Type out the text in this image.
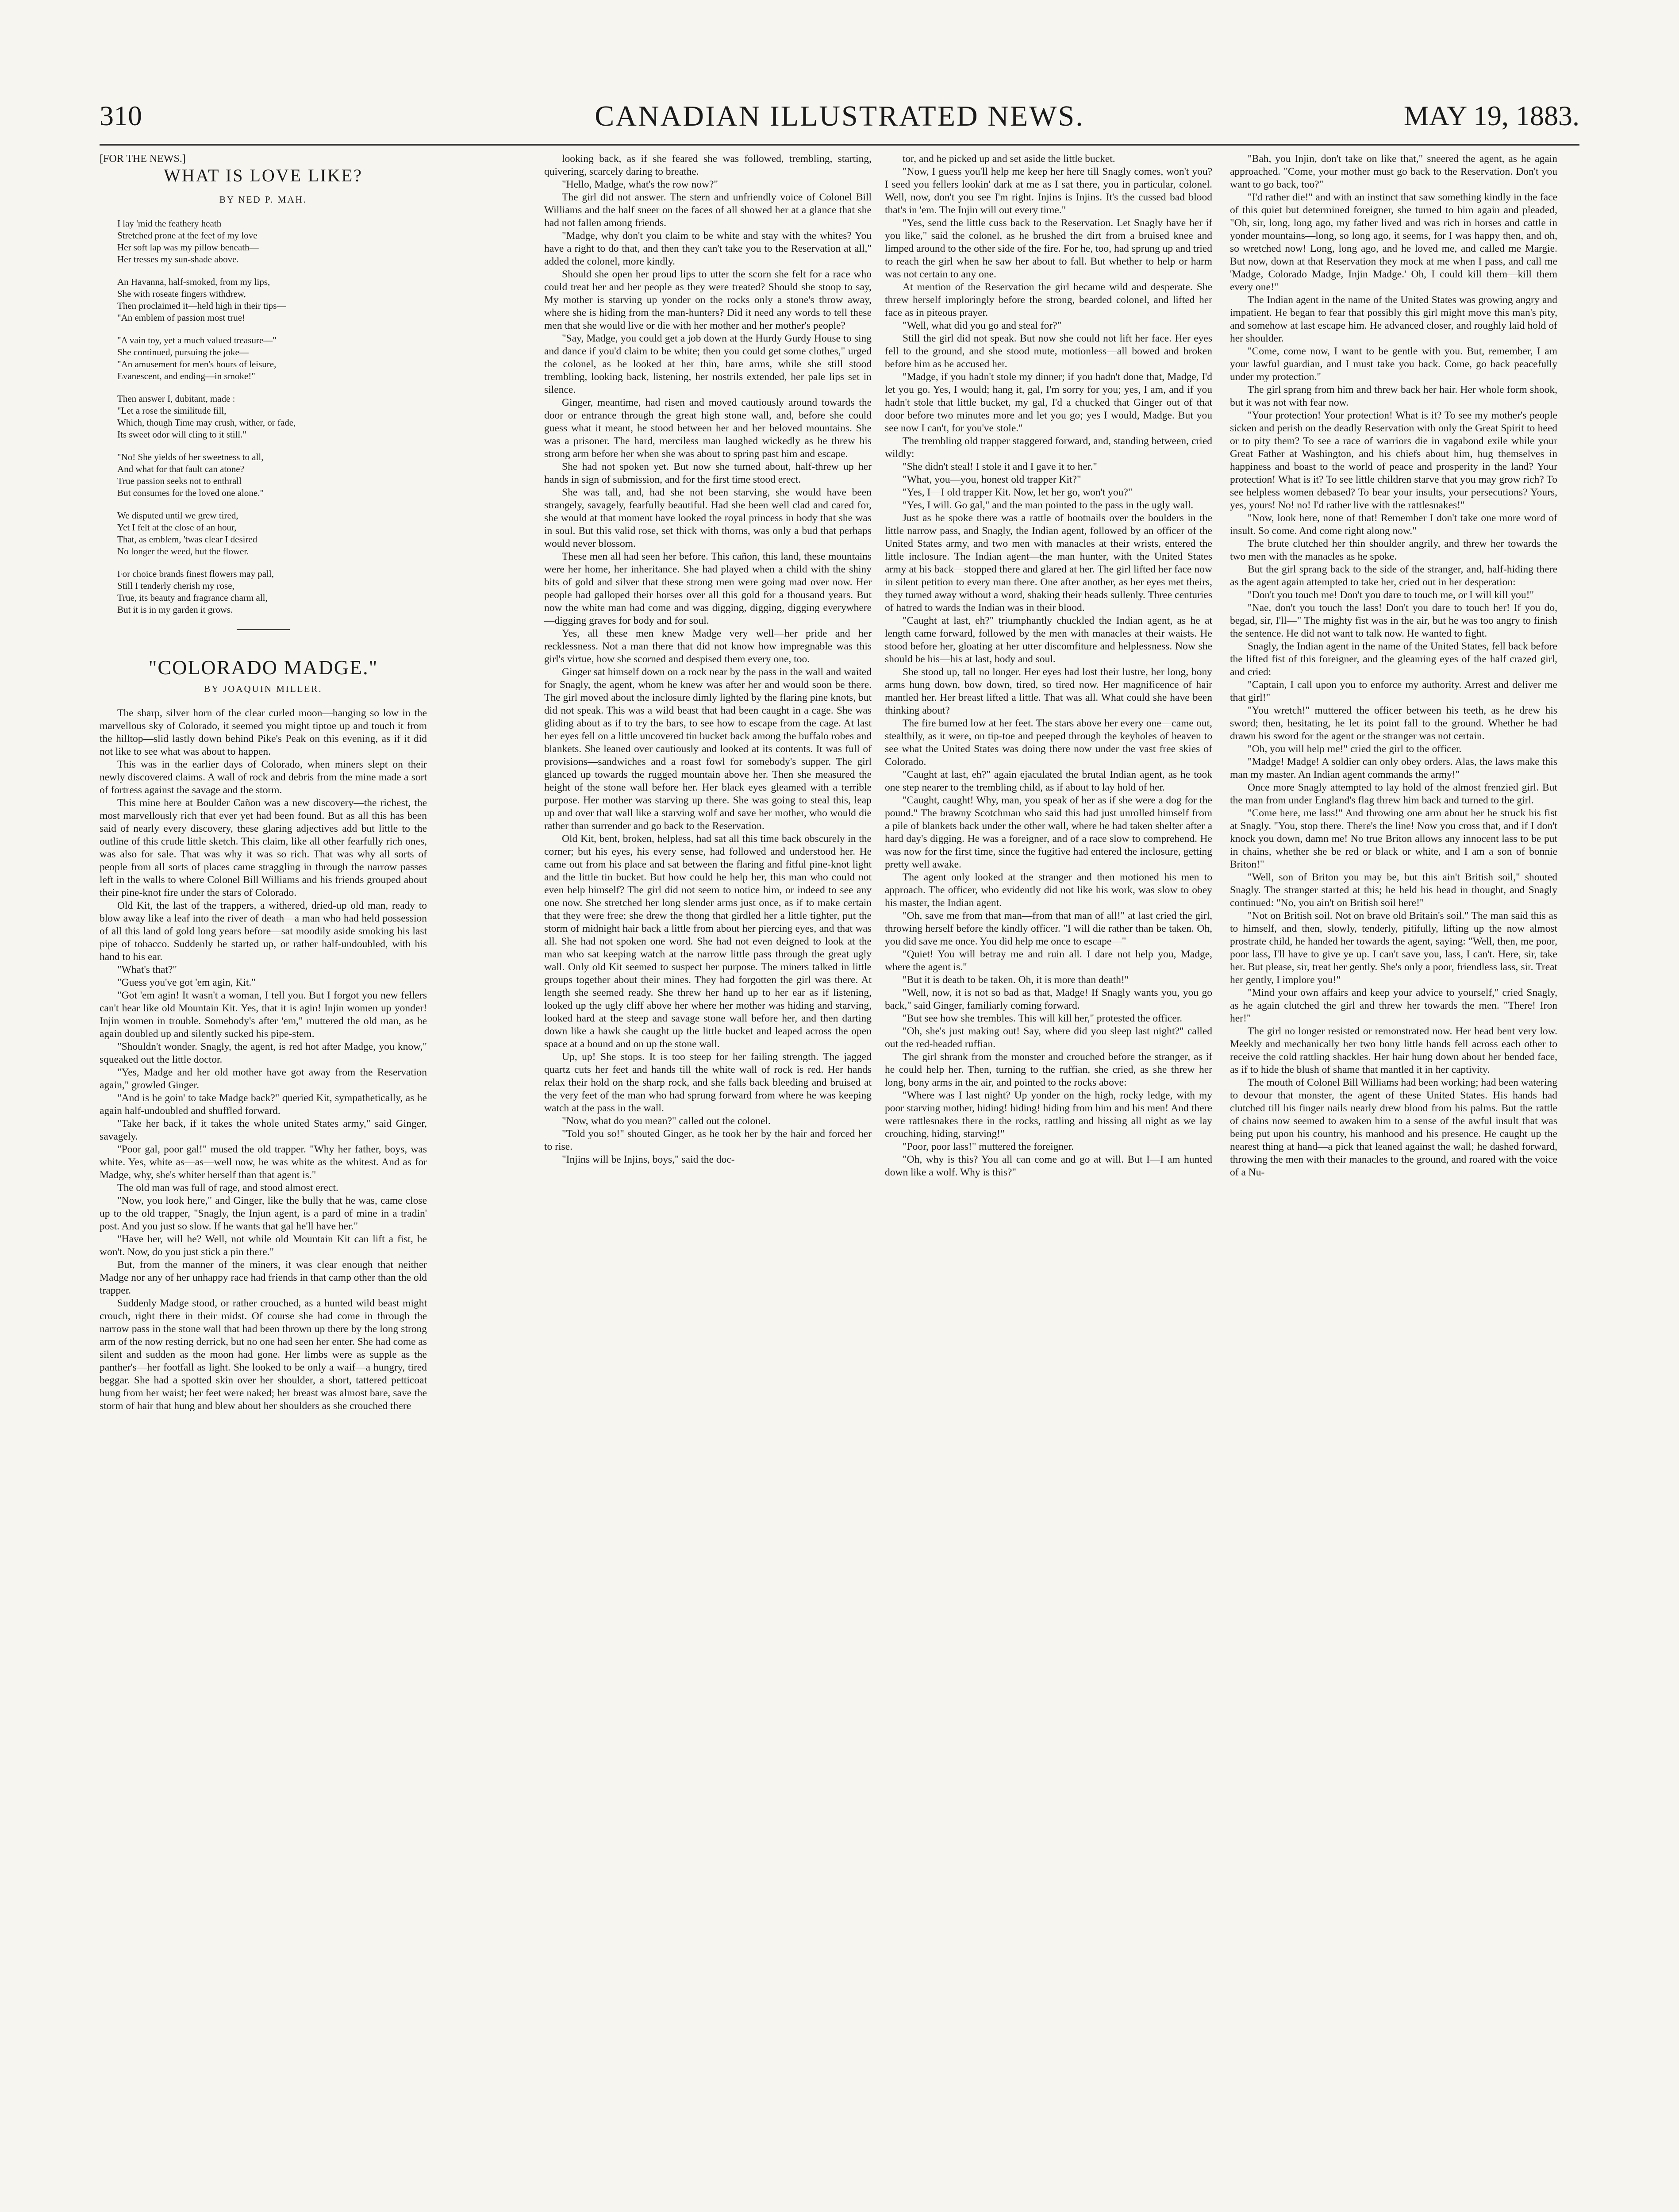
310	CANADIAN ILLUSTRATED NEWS.	MAY 19, 1883.
[FOR THE NEWS.]
WHAT IS LOVE LIKE?
BY NED P. MAH.
I lay 'mid the feathery heath
Stretched prone at the feet of my love
Her soft lap was my pillow beneath—
Her tresses my sun-shade above.
An Havanna, half-smoked, from my lips,
She with roseate fingers withdrew,
Then proclaimed it—held high in their tips—
"An emblem of passion most true!
"A vain toy, yet a much valued treasure—"
She continued, pursuing the joke—
"An amusement for men's hours of leisure,
Evanescent, and ending—in smoke!"
Then answer I, dubitant, made :
"Let a rose the similitude fill,
Which, though Time may crush, wither, or fade,
Its sweet odor will cling to it still."
"No! She yields of her sweetness to all,
And what for that fault can atone?
True passion seeks not to enthrall
But consumes for the loved one alone."
We disputed until we grew tired,
Yet I felt at the close of an hour,
That, as emblem, 'twas clear I desired
No longer the weed, but the flower.
For choice brands finest flowers may pall,
Still I tenderly cherish my rose,
True, its beauty and fragrance charm all,
But it is in my garden it grows.
"COLORADO MADGE."
BY JOAQUIN MILLER.

The sharp, silver horn of the clear curled moon—hanging so low in the marvellous sky of Colorado, it seemed you might tiptoe up and touch it from the hilltop—slid lastly down behind Pike's Peak on this evening, as if it did not like to see what was about to happen.

This was in the earlier days of Colorado, when miners slept on their newly discovered claims. A wall of rock and debris from the mine made a sort of fortress against the savage and the storm.

This mine here at Boulder Cañon was a new discovery—the richest, the most marvellously rich that ever yet had been found. But as all this has been said of nearly every discovery, these glaring adjectives add but little to the outline of this crude little sketch. This claim, like all other fearfully rich ones, was also for sale. That was why it was so rich. That was why all sorts of people from all sorts of places came straggling in through the narrow passes left in the walls to where Colonel Bill Williams and his friends grouped about their pine-knot fire under the stars of Colorado.

Old Kit, the last of the trappers, a withered, dried-up old man, ready to blow away like a leaf into the river of death—a man who had held possession of all this land of gold long years before—sat moodily aside smoking his last pipe of tobacco. Suddenly he started up, or rather half-undoubled, with his hand to his ear.

"What's that?"

"Guess you've got 'em agin, Kit."

"Got 'em agin! It wasn't a woman, I tell you. But I forgot you new fellers can't hear like old Mountain Kit. Yes, that it is agin! Injin women up yonder! Injin women in trouble. Somebody's after 'em," muttered the old man, as he again doubled up and silently sucked his pipe-stem.

"Shouldn't wonder. Snagly, the agent, is red hot after Madge, you know," squeaked out the little doctor.

"Yes, Madge and her old mother have got away from the Reservation again," growled Ginger.

"And is he goin' to take Madge back?" queried Kit, sympathetically, as he again half-undoubled and shuffled forward.

"Take her back, if it takes the whole united States army," said Ginger, savagely.

"Poor gal, poor gal!" mused the old trapper. "Why her father, boys, was white. Yes, white as—as—well now, he was white as the whitest. And as for Madge, why, she's whiter herself than that agent is."

The old man was full of rage, and stood almost erect.

"Now, you look here," and Ginger, like the bully that he was, came close up to the old trapper, "Snagly, the Injun agent, is a pard of mine in a tradin' post. And you just so slow. If he wants that gal he'll have her."

"Have her, will he? Well, not while old Mountain Kit can lift a fist, he won't. Now, do you just stick a pin there."

But, from the manner of the miners, it was clear enough that neither Madge nor any of her unhappy race had friends in that camp other than the old trapper.

Suddenly Madge stood, or rather crouched, as a hunted wild beast might crouch, right there in their midst. Of course she had come in through the narrow pass in the stone wall that had been thrown up there by the long strong arm of the now resting derrick, but no one had seen her enter. She had come as silent and sudden as the moon had gone. Her limbs were as supple as the panther's—her footfall as light. She looked to be only a waif—a hungry, tired beggar. She had a spotted skin over her shoulder, a short, tattered petticoat hung from her waist; her feet were naked; her breast was almost bare, save the storm of hair that hung and blew about her shoulders as she crouched there

looking back, as if she feared she was followed, trembling, starting, quivering, scarcely daring to breathe.

"Hello, Madge, what's the row now?"

The girl did not answer. The stern and unfriendly voice of Colonel Bill Williams and the half sneer on the faces of all showed her at a glance that she had not fallen among friends.

"Madge, why don't you claim to be white and stay with the whites? You have a right to do that, and then they can't take you to the Reservation at all," added the colonel, more kindly.

Should she open her proud lips to utter the scorn she felt for a race who could treat her and her people as they were treated? Should she stoop to say, My mother is starving up yonder on the rocks only a stone's throw away, where she is hiding from the man-hunters? Did it need any words to tell these men that she would live or die with her mother and her mother's people?

"Say, Madge, you could get a job down at the Hurdy Gurdy House to sing and dance if you'd claim to be white; then you could get some clothes," urged the colonel, as he looked at her thin, bare arms, while she still stood trembling, looking back, listening, her nostrils extended, her pale lips set in silence.

Ginger, meantime, had risen and moved cautiously around towards the door or entrance through the great high stone wall, and, before she could guess what it meant, he stood between her and her beloved mountains. She was a prisoner. The hard, merciless man laughed wickedly as he threw his strong arm before her when she was about to spring past him and escape.

She had not spoken yet. But now she turned about, half-threw up her hands in sign of submission, and for the first time stood erect.

She was tall, and, had she not been starving, she would have been strangely, savagely, fearfully beautiful. Had she been well clad and cared for, she would at that moment have looked the royal princess in body that she was in soul. But this valid rose, set thick with thorns, was only a bud that perhaps would never blossom.

These men all had seen her before. This cañon, this land, these mountains were her home, her inheritance. She had played when a child with the shiny bits of gold and silver that these strong men were going mad over now. Her people had galloped their horses over all this gold for a thousand years. But now the white man had come and was digging, digging, digging everywhere—digging graves for body and for soul.

Yes, all these men knew Madge very well—her pride and her recklessness. Not a man there that did not know how impregnable was this girl's virtue, how she scorned and despised them every one, too.

Ginger sat himself down on a rock near by the pass in the wall and waited for Snagly, the agent, whom he knew was after her and would soon be there. The girl moved about the inclosure dimly lighted by the flaring pine knots, but did not speak. This was a wild beast that had been caught in a cage. She was gliding about as if to try the bars, to see how to escape from the cage. At last her eyes fell on a little uncovered tin bucket back among the buffalo robes and blankets. She leaned over cautiously and looked at its contents. It was full of provisions—sandwiches and a roast fowl for somebody's supper. The girl glanced up towards the rugged mountain above her. Then she measured the height of the stone wall before her. Her black eyes gleamed with a terrible purpose. Her mother was starving up there. She was going to steal this, leap up and over that wall like a starving wolf and save her mother, who would die rather than surrender and go back to the Reservation.

Old Kit, bent, broken, helpless, had sat all this time back obscurely in the corner; but his eyes, his every sense, had followed and understood her. He came out from his place and sat between the flaring and fitful pine-knot light and the little tin bucket. But how could he help her, this man who could not even help himself? The girl did not seem to notice him, or indeed to see any one now. She stretched her long slender arms just once, as if to make certain that they were free; she drew the thong that girdled her a little tighter, put the storm of midnight hair back a little from about her piercing eyes, and that was all. She had not spoken one word. She had not even deigned to look at the man who sat keeping watch at the narrow little pass through the great ugly wall. Only old Kit seemed to suspect her purpose. The miners talked in little groups together about their mines. They had forgotten the girl was there. At length she seemed ready. She threw her hand up to her ear as if listening, looked up the ugly cliff above her where her mother was hiding and starving, looked hard at the steep and savage stone wall before her, and then darting down like a hawk she caught up the little bucket and leaped across the open space at a bound and on up the stone wall.

Up, up! She stops. It is too steep for her failing strength. The jagged quartz cuts her feet and hands till the white wall of rock is red. Her hands relax their hold on the sharp rock, and she falls back bleeding and bruised at the very feet of the man who had sprung forward from where he was keeping watch at the pass in the wall.

"Now, what do you mean?" called out the colonel.

"Told you so!" shouted Ginger, as he took her by the hair and forced her to rise.

"Injins will be Injins, boys," said the doc-

tor, and he picked up and set aside the little bucket.

"Now, I guess you'll help me keep her here till Snagly comes, won't you? I seed you fellers lookin' dark at me as I sat there, you in particular, colonel. Well, now, don't you see I'm right. Injins is Injins. It's the cussed bad blood that's in 'em. The Injin will out every time."

"Yes, send the little cuss back to the Reservation. Let Snagly have her if you like," said the colonel, as he brushed the dirt from a bruised knee and limped around to the other side of the fire. For he, too, had sprung up and tried to reach the girl when he saw her about to fall. But whether to help or harm was not certain to any one.

At mention of the Reservation the girl became wild and desperate. She threw herself imploringly before the strong, bearded colonel, and lifted her face as in piteous prayer.

"Well, what did you go and steal for?"

Still the girl did not speak. But now she could not lift her face. Her eyes fell to the ground, and she stood mute, motionless—all bowed and broken before him as he accused her.

"Madge, if you hadn't stole my dinner; if you hadn't done that, Madge, I'd let you go. Yes, I would; hang it, gal, I'm sorry for you; yes, I am, and if you hadn't stole that little bucket, my gal, I'd a chucked that Ginger out of that door before two minutes more and let you go; yes I would, Madge. But you see now I can't, for you've stole."

The trembling old trapper staggered forward, and, standing between, cried wildly:

"She didn't steal! I stole it and I gave it to her."

"What, you—you, honest old trapper Kit?"

"Yes, I—I old trapper Kit. Now, let her go, won't you?"

"Yes, I will. Go gal," and the man pointed to the pass in the ugly wall.

Just as he spoke there was a rattle of bootnails over the boulders in the little narrow pass, and Snagly, the Indian agent, followed by an officer of the United States army, and two men with manacles at their wrists, entered the little inclosure. The Indian agent—the man hunter, with the United States army at his back—stopped there and glared at her. The girl lifted her face now in silent petition to every man there. One after another, as her eyes met theirs, they turned away without a word, shaking their heads sullenly. Three centuries of hatred to wards the Indian was in their blood.

"Caught at last, eh?" triumphantly chuckled the Indian agent, as he at length came forward, followed by the men with manacles at their waists. He stood before her, gloating at her utter discomfiture and helplessness. Now she should be his—his at last, body and soul.

She stood up, tall no longer. Her eyes had lost their lustre, her long, bony arms hung down, bow down, tired, so tired now. Her magnificence of hair mantled her. Her breast lifted a little. That was all. What could she have been thinking about?

The fire burned low at her feet. The stars above her every one—came out, stealthily, as it were, on tip-toe and peeped through the keyholes of heaven to see what the United States was doing there now under the vast free skies of Colorado.

"Caught at last, eh?" again ejaculated the brutal Indian agent, as he took one step nearer to the trembling child, as if about to lay hold of her.

"Caught, caught! Why, man, you speak of her as if she were a dog for the pound." The brawny Scotchman who said this had just unrolled himself from a pile of blankets back under the other wall, where he had taken shelter after a hard day's digging. He was a foreigner, and of a race slow to comprehend. He was now for the first time, since the fugitive had entered the inclosure, getting pretty well awake.

The agent only looked at the stranger and then motioned his men to approach. The officer, who evidently did not like his work, was slow to obey his master, the Indian agent.

"Oh, save me from that man—from that man of all!" at last cried the girl, throwing herself before the kindly officer. "I will die rather than be taken. Oh, you did save me once. You did help me once to escape—"

"Quiet! You will betray me and ruin all. I dare not help you, Madge, where the agent is."

"But it is death to be taken. Oh, it is more than death!"

"Well, now, it is not so bad as that, Madge! If Snagly wants you, you go back," said Ginger, familiarly coming forward.

"But see how she trembles. This will kill her," protested the officer.

"Oh, she's just making out! Say, where did you sleep last night?" called out the red-headed ruffian.

The girl shrank from the monster and crouched before the stranger, as if he could help her. Then, turning to the ruffian, she cried, as she threw her long, bony arms in the air, and pointed to the rocks above:

"Where was I last night? Up yonder on the high, rocky ledge, with my poor starving mother, hiding! hiding! hiding from him and his men! And there were rattlesnakes there in the rocks, rattling and hissing all night as we lay crouching, hiding, starving!"

"Poor, poor lass!" muttered the foreigner.

"Oh, why is this? You all can come and go at will. But I—I am hunted down like a wolf. Why is this?"

"Bah, you Injin, don't take on like that," sneered the agent, as he again approached. "Come, your mother must go back to the Reservation. Don't you want to go back, too?"

"I'd rather die!" and with an instinct that saw something kindly in the face of this quiet but determined foreigner, she turned to him again and pleaded, "Oh, sir, long, long ago, my father lived and was rich in horses and cattle in yonder mountains—long, so long ago, it seems, for I was happy then, and oh, so wretched now! Long, long ago, and he loved me, and called me Margie. But now, down at that Reservation they mock at me when I pass, and call me 'Madge, Colorado Madge, Injin Madge.' Oh, I could kill them—kill them every one!"

The Indian agent in the name of the United States was growing angry and impatient. He began to fear that possibly this girl might move this man's pity, and somehow at last escape him. He advanced closer, and roughly laid hold of her shoulder.

"Come, come now, I want to be gentle with you. But, remember, I am your lawful guardian, and I must take you back. Come, go back peacefully under my protection."

The girl sprang from him and threw back her hair. Her whole form shook, but it was not with fear now.

"Your protection! Your protection! What is it? To see my mother's people sicken and perish on the deadly Reservation with only the Great Spirit to heed or to pity them? To see a race of warriors die in vagabond exile while your Great Father at Washington, and his chiefs about him, hug themselves in happiness and boast to the world of peace and prosperity in the land? Your protection! What is it? To see little children starve that you may grow rich? To see helpless women debased? To bear your insults, your persecutions? Yours, yes, yours! No! no! I'd rather live with the rattlesnakes!"

"Now, look here, none of that! Remember I don't take one more word of insult. So come. And come right along now."

The brute clutched her thin shoulder angrily, and threw her towards the two men with the manacles as he spoke.

But the girl sprang back to the side of the stranger, and, half-hiding there as the agent again attempted to take her, cried out in her desperation:

"Don't you touch me! Don't you dare to touch me, or I will kill you!"

"Nae, don't you touch the lass! Don't you dare to touch her! If you do, begad, sir, I'll—" The mighty fist was in the air, but he was too angry to finish the sentence. He did not want to talk now. He wanted to fight.

Snagly, the Indian agent in the name of the United States, fell back before the lifted fist of this foreigner, and the gleaming eyes of the half crazed girl, and cried:

"Captain, I call upon you to enforce my authority. Arrest and deliver me that girl!"

"You wretch!" muttered the officer between his teeth, as he drew his sword; then, hesitating, he let its point fall to the ground. Whether he had drawn his sword for the agent or the stranger was not certain.

"Oh, you will help me!" cried the girl to the officer.

"Madge! Madge! A soldier can only obey orders. Alas, the laws make this man my master. An Indian agent commands the army!"

Once more Snagly attempted to lay hold of the almost frenzied girl. But the man from under England's flag threw him back and turned to the girl.

"Come here, me lass!" And throwing one arm about her he struck his fist at Snagly. "You, stop there. There's the line! Now you cross that, and if I don't knock you down, damn me! No true Briton allows any innocent lass to be put in chains, whether she be red or black or white, and I am a son of bonnie Briton!"

"Well, son of Briton you may be, but this ain't British soil," shouted Snagly. The stranger started at this; he held his head in thought, and Snagly continued: "No, you ain't on British soil here!"

"Not on British soil. Not on brave old Britain's soil." The man said this as to himself, and then, slowly, tenderly, pitifully, lifting up the now almost prostrate child, he handed her towards the agent, saying: "Well, then, me poor, poor lass, I'll have to give ye up. I can't save you, lass, I can't. Here, sir, take her. But please, sir, treat her gently. She's only a poor, friendless lass, sir. Treat her gently, I implore you!"

"Mind your own affairs and keep your advice to yourself," cried Snagly, as he again clutched the girl and threw her towards the men. "There! Iron her!"

The girl no longer resisted or remonstrated now. Her head bent very low. Meekly and mechanically her two bony little hands fell across each other to receive the cold rattling shackles. Her hair hung down about her bended face, as if to hide the blush of shame that mantled it in her captivity.

The mouth of Colonel Bill Williams had been working; had been watering to devour that monster, the agent of these United States. His hands had clutched till his finger nails nearly drew blood from his palms. But the rattle of chains now seemed to awaken him to a sense of the awful insult that was being put upon his country, his manhood and his presence. He caught up the nearest thing at hand—a pick that leaned against the wall; he dashed forward, throwing the men with their manacles to the ground, and roared with the voice of a Nu-
